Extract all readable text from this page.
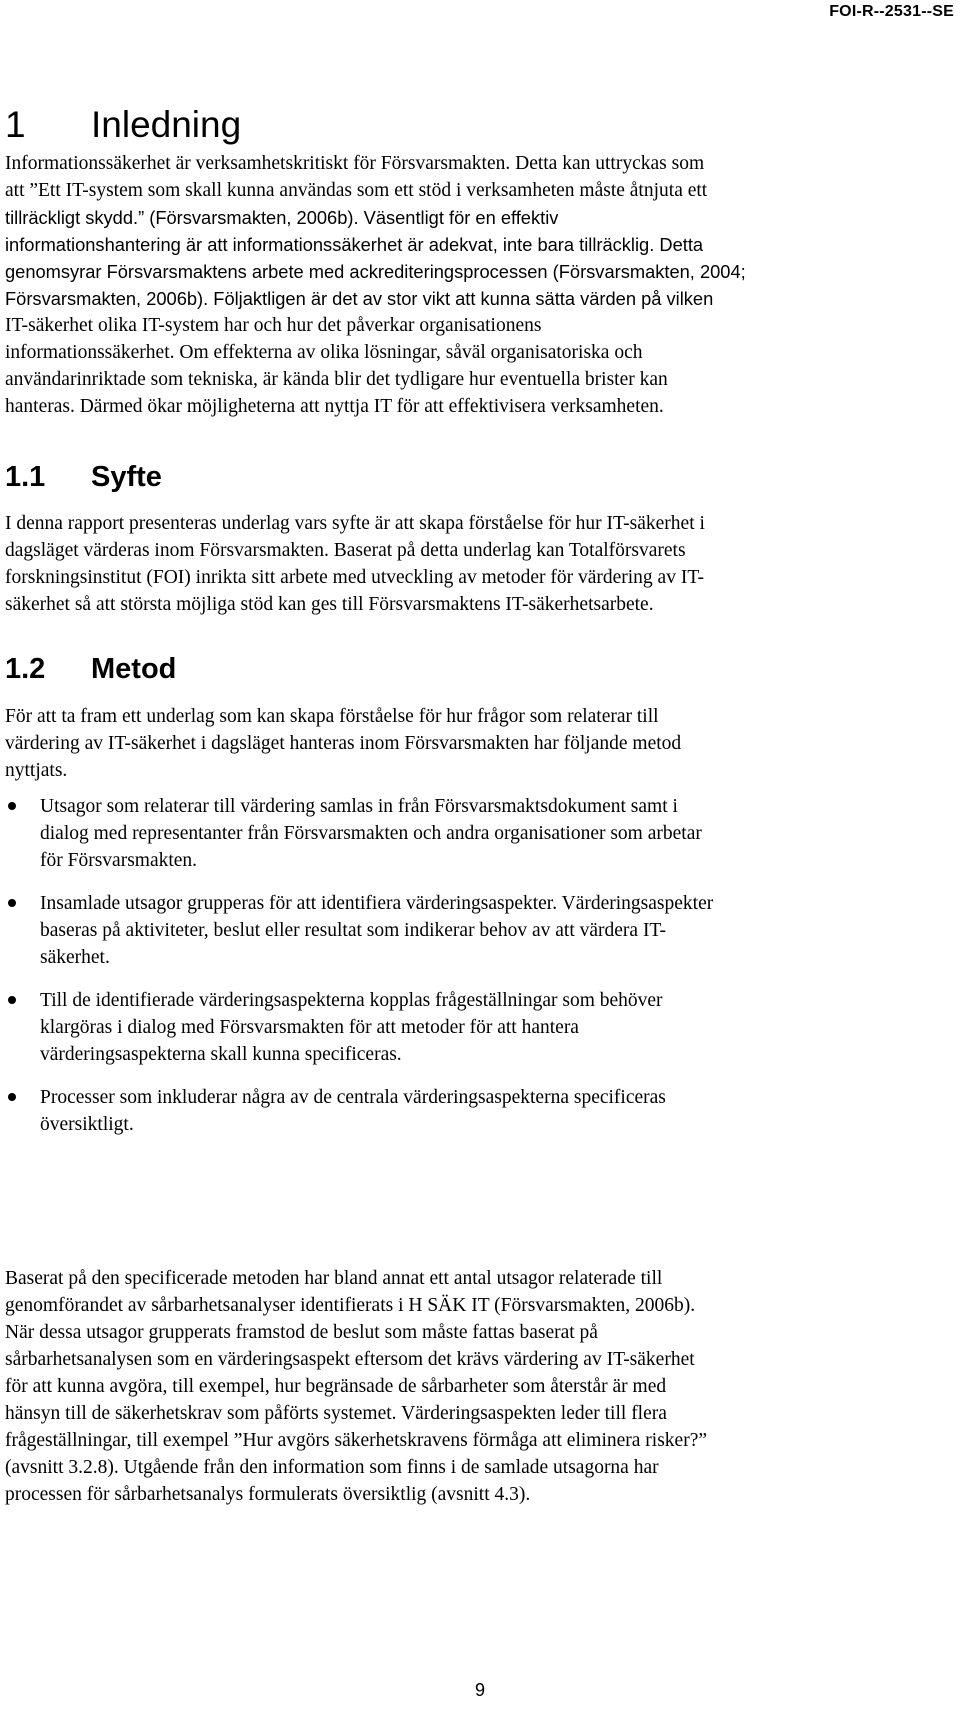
FOI-R--2531--SE
1 Inledning
Informationssäkerhet är verksamhetskritiskt för Försvarsmakten. Detta kan uttryckas som
att ”Ett IT-system som skall kunna användas som ett stöd i verksamheten måste åtnjuta ett
tillräckligt skydd.” (Försvarsmakten, 2006b). Väsentligt för en effektiv
informationshantering är att informationssäkerhet är adekvat, inte bara tillräcklig. Detta
genomsyrar Försvarsmaktens arbete med ackrediteringsprocessen (Försvarsmakten, 2004;
Försvarsmakten, 2006b). Följaktligen är det av stor vikt att kunna sätta värden på vilken
IT-säkerhet olika IT-system har och hur det påverkar organisationens
informationssäkerhet. Om effekterna av olika lösningar, såväl organisatoriska och
användarinriktade som tekniska, är kända blir det tydligare hur eventuella brister kan
hanteras. Därmed ökar möjligheterna att nyttja IT för att effektivisera verksamheten.
1.1 Syfte
I denna rapport presenteras underlag vars syfte är att skapa förståelse för hur IT-säkerhet i
dagsläget värderas inom Försvarsmakten. Baserat på detta underlag kan Totalförsvarets
forskningsinstitut (FOI) inrikta sitt arbete med utveckling av metoder för värdering av IT-
säkerhet så att största möjliga stöd kan ges till Försvarsmaktens IT-säkerhetsarbete.
1.2 Metod
För att ta fram ett underlag som kan skapa förståelse för hur frågor som relaterar till
värdering av IT-säkerhet i dagsläget hanteras inom Försvarsmakten har följande metod
nyttjats.
Utsagor som relaterar till värdering samlas in från Försvarsmaktsdokument samt i
dialog med representanter från Försvarsmakten och andra organisationer som arbetar
för Försvarsmakten.
Insamlade utsagor grupperas för att identifiera värderingsaspekter. Värderingsaspekter
baseras på aktiviteter, beslut eller resultat som indikerar behov av att värdera IT-
säkerhet.
Till de identifierade värderingsaspekterna kopplas frågeställningar som behöver
klargöras i dialog med Försvarsmakten för att metoder för att hantera
värderingsaspekterna skall kunna specificeras.
Processer som inkluderar några av de centrala värderingsaspekterna specificeras
översiktligt.
Baserat på den specificerade metoden har bland annat ett antal utsagor relaterade till
genomförandet av sårbarhetsanalyser identifierats i H SÄK IT (Försvarsmakten, 2006b).
När dessa utsagor grupperats framstod de beslut som måste fattas baserat på
sårbarhetsanalysen som en värderingsaspekt eftersom det krävs värdering av IT-säkerhet
för att kunna avgöra, till exempel, hur begränsade de sårbarheter som återstår är med
hänsyn till de säkerhetskrav som påförts systemet. Värderingsaspekten leder till flera
frågeställningar, till exempel ”Hur avgörs säkerhetskravens förmåga att eliminera risker?”
(avsnitt 3.2.8). Utgående från den information som finns i de samlade utsagorna har
processen för sårbarhetsanalys formulerats översiktlig (avsnitt 4.3).
9
